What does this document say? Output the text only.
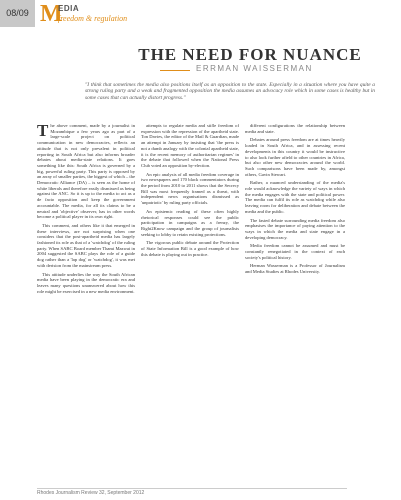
08/09 M
EDIA
freedom & regulation
THE NEED FOR NUANCE
ERRMAN WAISSERMAN
"I think that sometimes the media also positions itself as an opposition to the state. Especially in a situation where you have quite a strong ruling party and a weak and fragmented opposition the media assumes an advocacy role which in some cases is healthy but in some cases that can actually distort progress."

The above comment, made by a journalist in Mozambique a few years ago as part of a large-scale project on political communication in new democracies, reflects an attitude that is not only prevalent in political reporting in South Africa but also informs broader debates about media-state relations. It goes something like this: South Africa is governed by a big, powerful ruling party. This party is opposed by an array of smaller parties, the biggest of which – the Democratic Alliance (DA) – is seen as the home of white liberals and therefore easily dismissed as being against the ANC. So it is up to the media to act as a de facto opposition and keep the government accountable. The media, for all its claims to be a neutral and 'objective' observer, has in other words become a political player in its own right.

This comment, and others like it that emerged in these interviews, are not surprising when one considers that the post-apartheid media has largely fashioned its role as that of a 'watchdog' of the ruling party. When SABC Board member Thami Mazwai in 2004 suggested the SABC plays the role of a guide dog rather than a 'lap dog' or 'watchdog', it was met with derision from the mainstream press.

This attitude underlies the way the South African media have been playing in the democratic era and leaves many questions unanswered about how this role might be exercised in a new media environment.

attempts to regulate media and stifle freedom of expression with the repression of the apartheid state. Ton Davies, the editor of the Mail & Guardian, made an attempt in January by insisting that 'the press is not a dumb analogy with the colonial apartheid state, it is the recent memory of authoritarian regimes' in the debate that followed when the National Press Club voted an opposition by-election.

An epic analysis of all media freedom coverage in two newspapers and 170 black commentators during the period from 2010 to 2011 shows that the Secrecy Bill was most frequently framed as a threat, with independent news organisations dismissed as 'unpatriotic' by ruling party officials.

An epistemic reading of these often highly rhetorical responses could see the public participation in campaigns as a frenzy, the Right2Know campaign and the group of journalists seeking to lobby to retain existing protections.

The vigorous public debate around the Protection of State Information Bill is a good example of how this debate is playing out in practice.

different configurations the relationship between media and state.

Debates around press freedom are at times heavily loaded in South Africa, and in assessing recent developments in this country it would be instructive to also look further afield to other countries in Africa, but also other new democracies around the world. Such comparisons have been made by, amongst others, Gavin Stewart.

Rather, a nuanced understanding of the media's role would acknowledge the variety of ways in which the media engages with the state and political power. The media can fulfil its role as watchdog while also leaving room for deliberation and debate between the media and the public.

The fasted debate surrounding media freedom also emphasises the importance of paying attention to the ways in which the media and state engage in a developing democracy.

Media freedom cannot be assumed and must be constantly renegotiated in the context of each society's political history.

Herman Wasserman is a Professor of Journalism and Media Studies at Rhodes University.

Rhodes Journalism Review 32, September 2012
